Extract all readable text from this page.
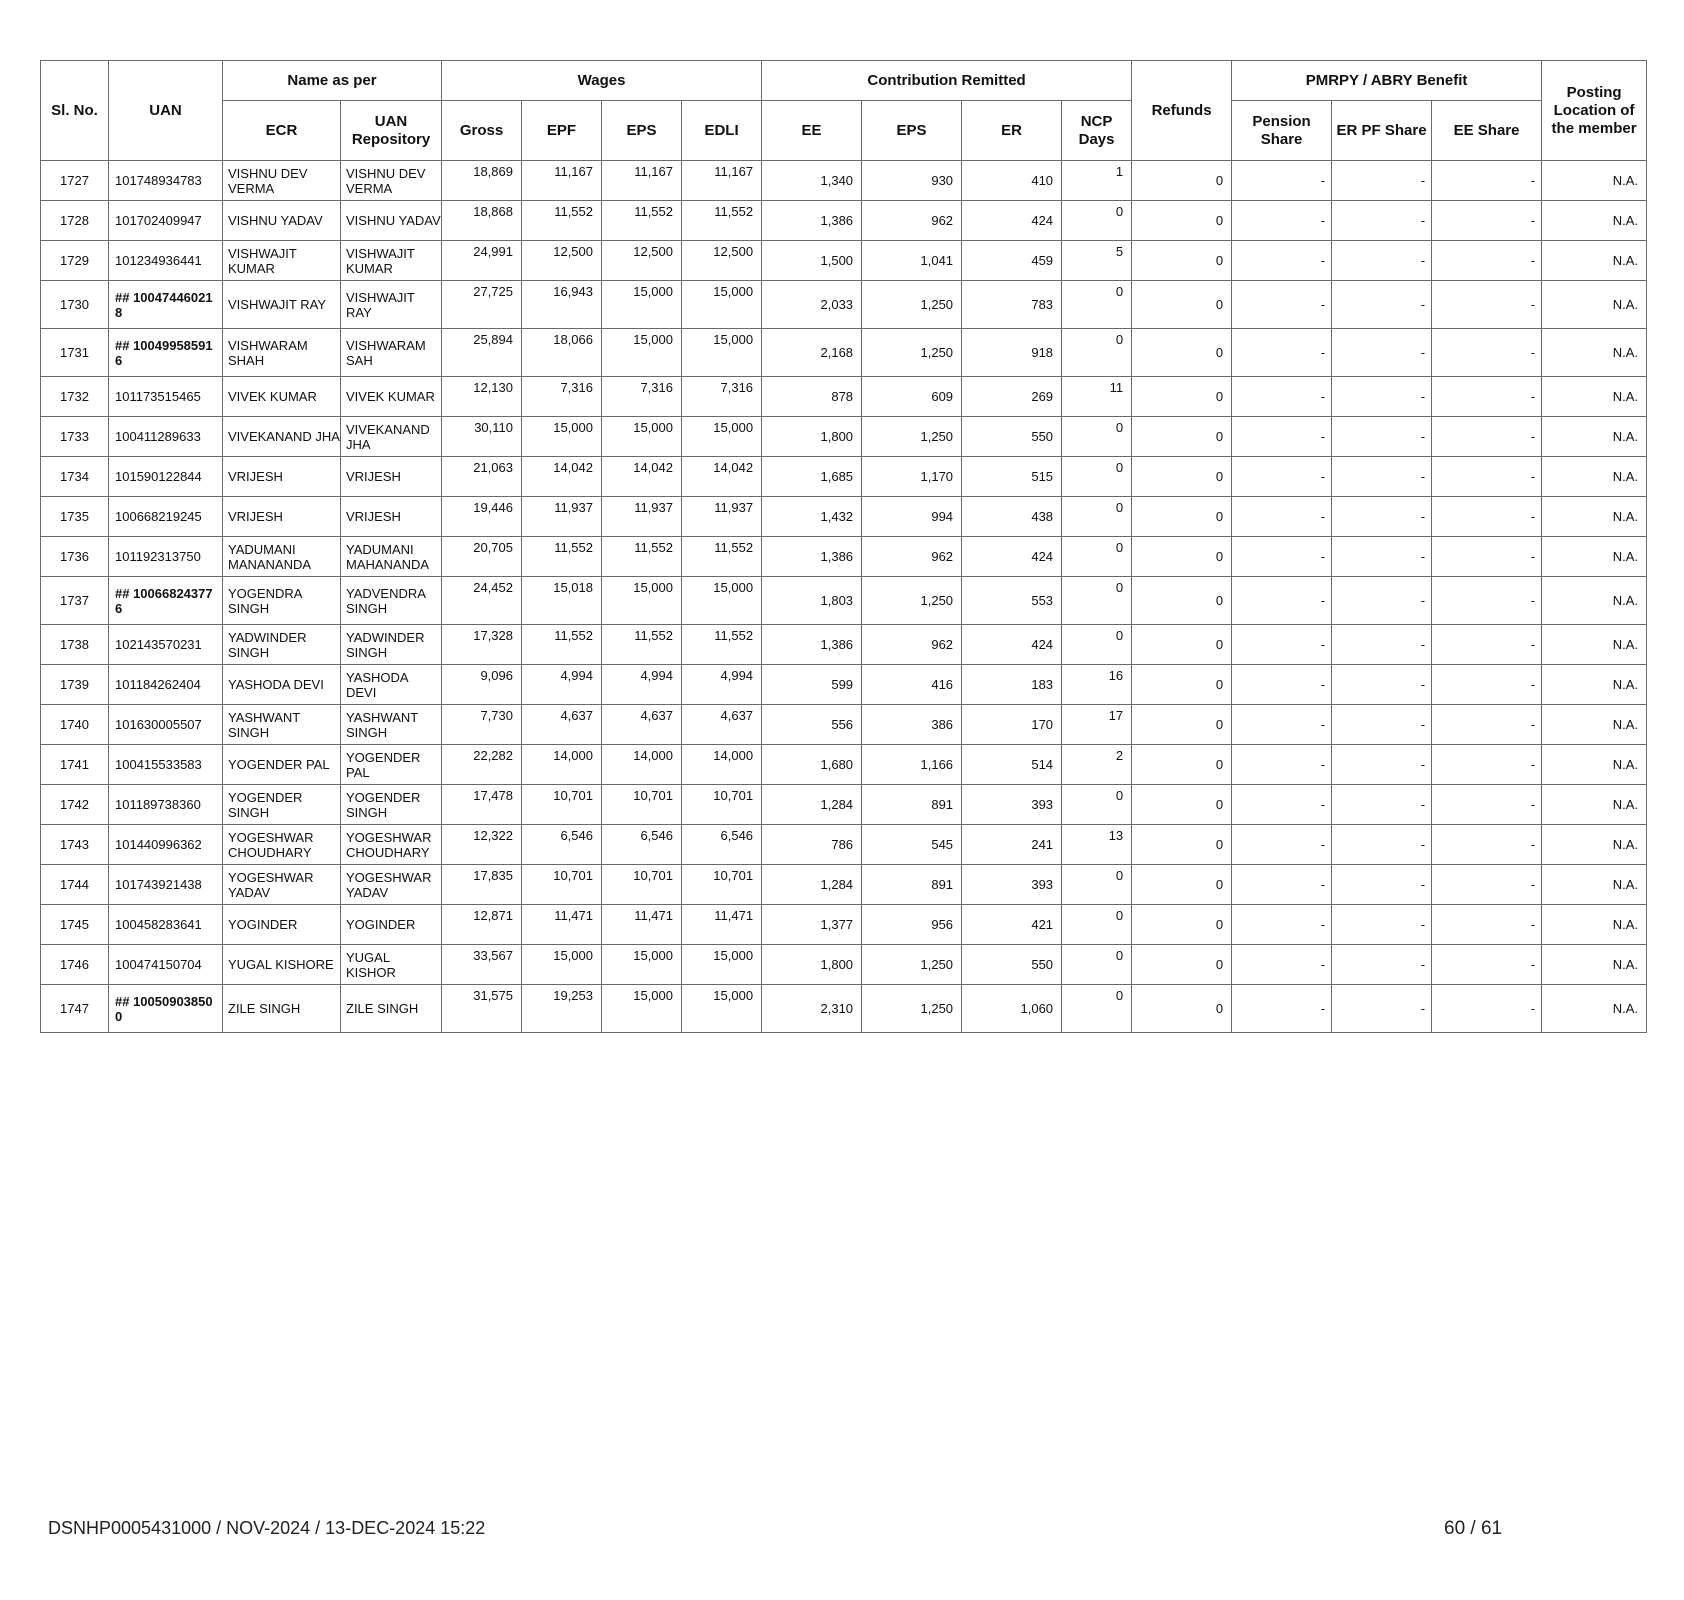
Sl. No.	UAN	Name as per		Wages				Contribution Remitted				Refunds	PMRPY / ABRY Benefit			Posting Location of the member
		ECR	UAN Repository	Gross	EPF	EPS	EDLI	EE	EPS	ER	NCP Days		Pension Share	ER PF Share	EE Share	
1727	101748934783	VISHNU DEV VERMA	VISHNU DEV VERMA	18,869	11,167	11,167	11,167	1,340	930	410	1	0	-	-	-	N.A.
1728	101702409947	VISHNU YADAV	VISHNU YADAV	18,868	11,552	11,552	11,552	1,386	962	424	0	0	-	-	-	N.A.
1729	101234936441	VISHWAJIT KUMAR	VISHWAJIT KUMAR	24,991	12,500	12,500	12,500	1,500	1,041	459	5	0	-	-	-	N.A.
1730	## 10047446021 8	VISHWAJIT RAY	VISHWAJIT RAY	27,725	16,943	15,000	15,000	2,033	1,250	783	0	0	-	-	-	N.A.
1731	## 10049958591 6	VISHWARAM SHAH	VISHWARAM SAH	25,894	18,066	15,000	15,000	2,168	1,250	918	0	0	-	-	-	N.A.
1732	101173515465	VIVEK KUMAR	VIVEK KUMAR	12,130	7,316	7,316	7,316	878	609	269	11	0	-	-	-	N.A.
1733	100411289633	VIVEKANAND JHA	VIVEKANAND JHA	30,110	15,000	15,000	15,000	1,800	1,250	550	0	0	-	-	-	N.A.
1734	101590122844	VRIJESH	VRIJESH	21,063	14,042	14,042	14,042	1,685	1,170	515	0	0	-	-	-	N.A.
1735	100668219245	VRIJESH	VRIJESH	19,446	11,937	11,937	11,937	1,432	994	438	0	0	-	-	-	N.A.
1736	101192313750	YADUMANI MANANANDA	YADUMANI MAHANANDA	20,705	11,552	11,552	11,552	1,386	962	424	0	0	-	-	-	N.A.
1737	## 10066824377 6	YOGENDRA SINGH	YADVENDRA SINGH	24,452	15,018	15,000	15,000	1,803	1,250	553	0	0	-	-	-	N.A.
1738	102143570231	YADWINDER SINGH	YADWINDER SINGH	17,328	11,552	11,552	11,552	1,386	962	424	0	0	-	-	-	N.A.
1739	101184262404	YASHODA DEVI	YASHODA DEVI	9,096	4,994	4,994	4,994	599	416	183	16	0	-	-	-	N.A.
1740	101630005507	YASHWANT SINGH	YASHWANT SINGH	7,730	4,637	4,637	4,637	556	386	170	17	0	-	-	-	N.A.
1741	100415533583	YOGENDER PAL	YOGENDER PAL	22,282	14,000	14,000	14,000	1,680	1,166	514	2	0	-	-	-	N.A.
1742	101189738360	YOGENDER SINGH	YOGENDER SINGH	17,478	10,701	10,701	10,701	1,284	891	393	0	0	-	-	-	N.A.
1743	101440996362	YOGESHWAR CHOUDHARY	YOGESHWAR CHOUDHARY	12,322	6,546	6,546	6,546	786	545	241	13	0	-	-	-	N.A.
1744	101743921438	YOGESHWAR YADAV	YOGESHWAR YADAV	17,835	10,701	10,701	10,701	1,284	891	393	0	0	-	-	-	N.A.
1745	100458283641	YOGINDER	YOGINDER	12,871	11,471	11,471	11,471	1,377	956	421	0	0	-	-	-	N.A.
1746	100474150704	YUGAL KISHORE	YUGAL KISHOR	33,567	15,000	15,000	15,000	1,800	1,250	550	0	0	-	-	-	N.A.
1747	## 10050903850 0	ZILE SINGH	ZILE SINGH	31,575	19,253	15,000	15,000	2,310	1,250	1,060	0	0	-	-	-	N.A.
DSNHP0005431000 / NOV-2024 / 13-DEC-2024 15:22	60 / 61
